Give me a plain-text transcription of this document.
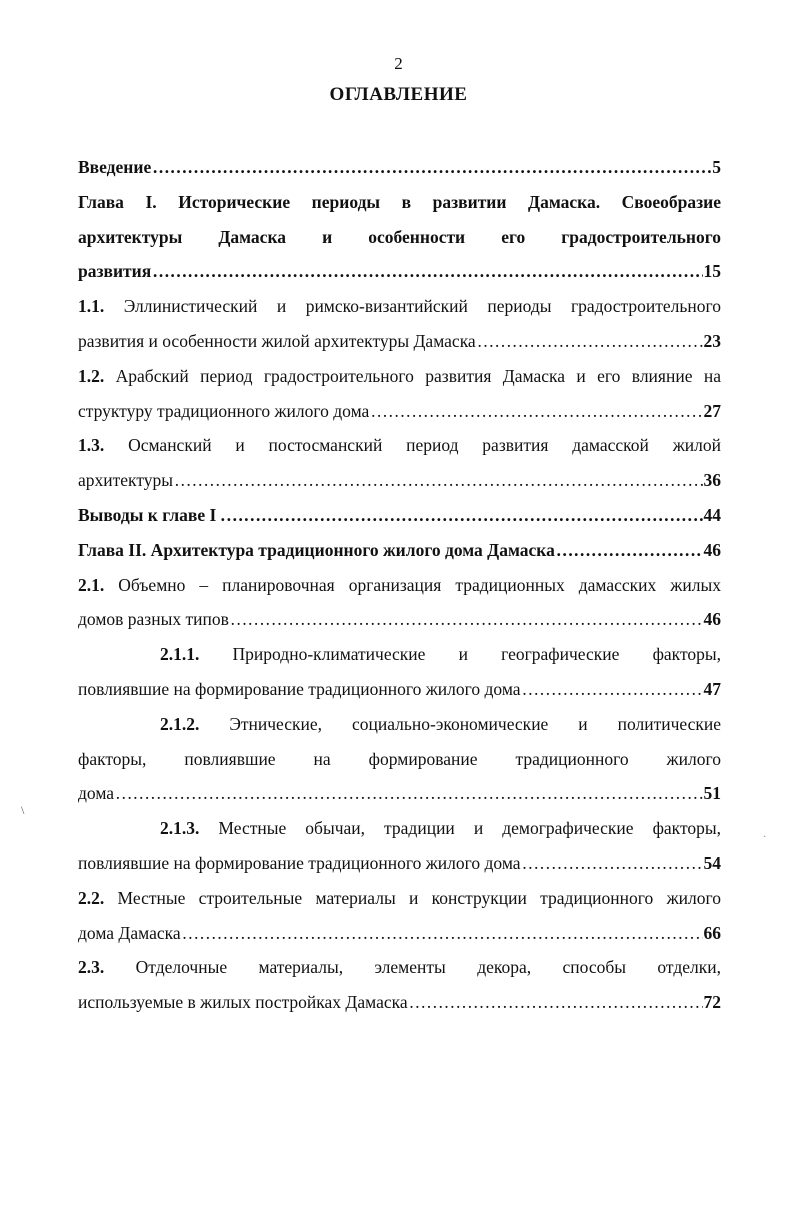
2
ОГЛАВЛЕНИЕ
Введение …………………………………………………………………………………………………………………………………………………………………………………………………………	5
Глава I. Исторические периоды в развитии Дамаска. Своеобразие
архитектуры Дамаска и особенности его градостроительного
развития …………………………………………………………………………………………………………………………………………………………………………………………………………	15
1.1. Эллинистический и римско-византийский периоды градостроительного
развития и особенности жилой архитектуры Дамаска …………………………………………………………………………………………………………………………………………………………………………………………………………	23
1.2. Арабский период градостроительного развития Дамаска и его влияние на
структуру традиционного жилого дома …………………………………………………………………………………………………………………………………………………………………………………………………………	27
1.3. Османский и постосманский период развития дамасской жилой
архитектуры …………………………………………………………………………………………………………………………………………………………………………………………………………	36
Выводы к главе I . …………………………………………………………………………………………………………………………………………………………………………………………………………	44
Глава II. Архитектура традиционного жилого дома Дамаска …………………………………………………………………………………………………………………………………………………………………………………………………………	46
2.1. Объемно – планировочная организация традиционных дамасских жилых
домов разных типов …………………………………………………………………………………………………………………………………………………………………………………………………………	46
2.1.1. Природно-климатические и географические факторы,
повлиявшие на формирование традиционного жилого дома …………………………………………………………………………………………………………………………………………………………………………………………………………	47
2.1.2. Этнические, социально-экономические и политические
факторы, повлиявшие на формирование традиционного жилого
дома …………………………………………………………………………………………………………………………………………………………………………………………………………	51
2.1.3. Местные обычаи, традиции и демографические факторы,
повлиявшие на формирование традиционного жилого дома …………………………………………………………………………………………………………………………………………………………………………………………………………	54
2.2. Местные строительные материалы и конструкции традиционного жилого
дома Дамаска …………………………………………………………………………………………………………………………………………………………………………………………………………	66
2.3. Отделочные материалы, элементы декора, способы отделки,
используемые в жилых постройках Дамаска …………………………………………………………………………………………………………………………………………………………………………………………………………	72
\
·
